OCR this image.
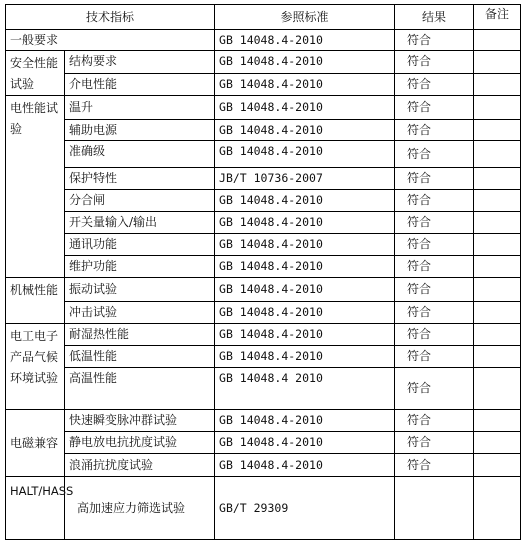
技术指标		参照标准	结果	备注
一般要求		GB 14048.4-2010	符合	
安全性能试验	结构要求	GB 14048.4-2010	符合	
	介电性能	GB 14048.4-2010	符合	
电性能试验	温升	GB 14048.4-2010	符合	
	辅助电源	GB 14048.4-2010	符合	
	准确级	GB 14048.4-2010	符合	
	保护特性	JB/T 10736-2007	符合	
	分合闸	GB 14048.4-2010	符合	
	开关量输入/输出	GB 14048.4-2010	符合	
	通讯功能	GB 14048.4-2010	符合	
	维护功能	GB 14048.4-2010	符合	
机械性能	振动试验	GB 14048.4-2010	符合	
	冲击试验	GB 14048.4-2010	符合	
电工电子产品气候环境试验	耐湿热性能	GB 14048.4-2010	符合	
	低温性能	GB 14048.4-2010	符合	
	高温性能	GB 14048.4 2010	符合	
电磁兼容	快速瞬变脉冲群试验	GB 14048.4-2010	符合	
	静电放电抗扰度试验	GB 14048.4-2010	符合	
	浪涌抗扰度试验	GB 14048.4-2010	符合	
HALT/HASS	高加速应力筛选试验	GB/T 29309		
